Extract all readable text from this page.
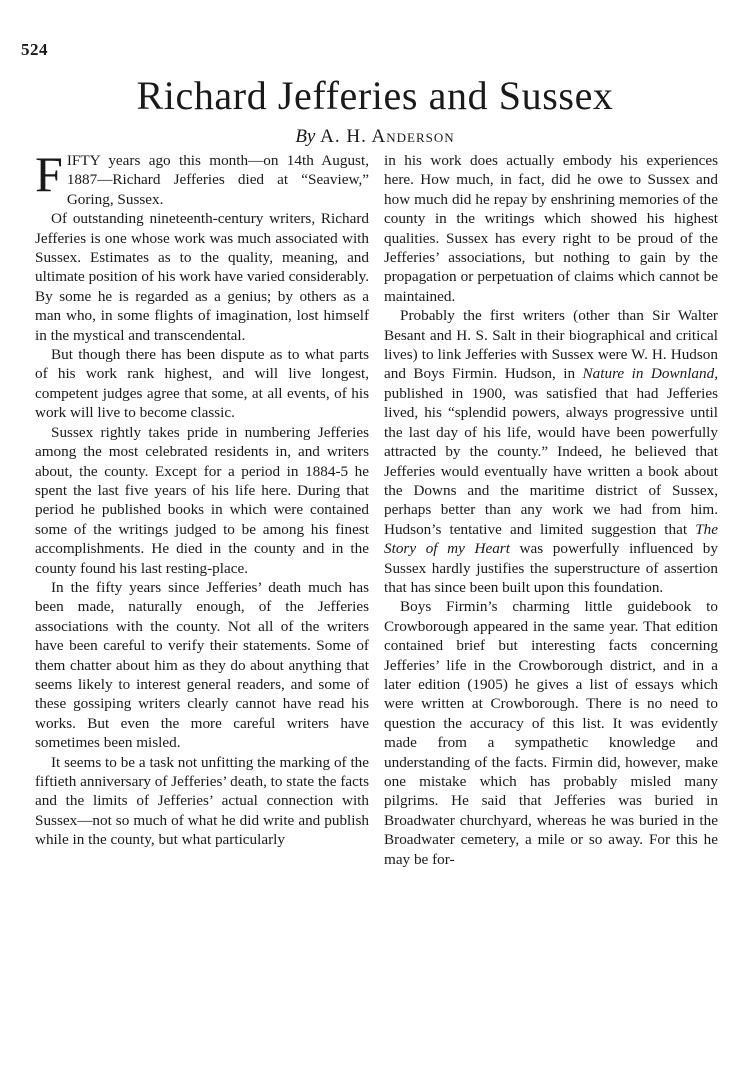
524
Richard Jefferies and Sussex
By A. H. Anderson

FIFTY years ago this month—on 14th August, 1887—Richard Jefferies died at “Seaview,” Goring, Sussex.

Of outstanding nineteenth-century writers, Richard Jefferies is one whose work was much associated with Sussex. Estimates as to the quality, meaning, and ultimate position of his work have varied considerably. By some he is regarded as a genius; by others as a man who, in some flights of imagination, lost himself in the mystical and transcendental.

But though there has been dispute as to what parts of his work rank highest, and will live longest, competent judges agree that some, at all events, of his work will live to become classic.

Sussex rightly takes pride in numbering Jefferies among the most celebrated residents in, and writers about, the county. Except for a period in 1884-5 he spent the last five years of his life here. During that period he published books in which were contained some of the writings judged to be among his finest accomplishments. He died in the county and in the county found his last resting-place.

In the fifty years since Jefferies’ death much has been made, naturally enough, of the Jefferies associations with the county. Not all of the writers have been careful to verify their statements. Some of them chatter about him as they do about anything that seems likely to interest general readers, and some of these gossiping writers clearly cannot have read his works. But even the more careful writers have sometimes been misled.

It seems to be a task not unfitting the marking of the fiftieth anniversary of Jefferies’ death, to state the facts and the limits of Jefferies’ actual connection with Sussex—not so much of what he did write and publish while in the county, but what particularly

in his work does actually embody his experiences here. How much, in fact, did he owe to Sussex and how much did he repay by enshrining memories of the county in the writings which showed his highest qualities. Sussex has every right to be proud of the Jefferies’ associations, but nothing to gain by the propagation or perpetuation of claims which cannot be maintained.

Probably the first writers (other than Sir Walter Besant and H. S. Salt in their biographical and critical lives) to link Jefferies with Sussex were W. H. Hudson and Boys Firmin. Hudson, in Nature in Downland, published in 1900, was satisfied that had Jefferies lived, his “splendid powers, always progressive until the last day of his life, would have been powerfully attracted by the county.” Indeed, he believed that Jefferies would eventually have written a book about the Downs and the maritime district of Sussex, perhaps better than any work we had from him. Hudson’s tentative and limited suggestion that The Story of my Heart was powerfully influenced by Sussex hardly justifies the superstructure of assertion that has since been built upon this foundation.

Boys Firmin’s charming little guidebook to Crowborough appeared in the same year. That edition contained brief but interesting facts concerning Jefferies’ life in the Crowborough district, and in a later edition (1905) he gives a list of essays which were written at Crowborough. There is no need to question the accuracy of this list. It was evidently made from a sympathetic knowledge and understanding of the facts. Firmin did, however, make one mistake which has probably misled many pilgrims. He said that Jefferies was buried in Broadwater churchyard, whereas he was buried in the Broadwater cemetery, a mile or so away. For this he may be for-
